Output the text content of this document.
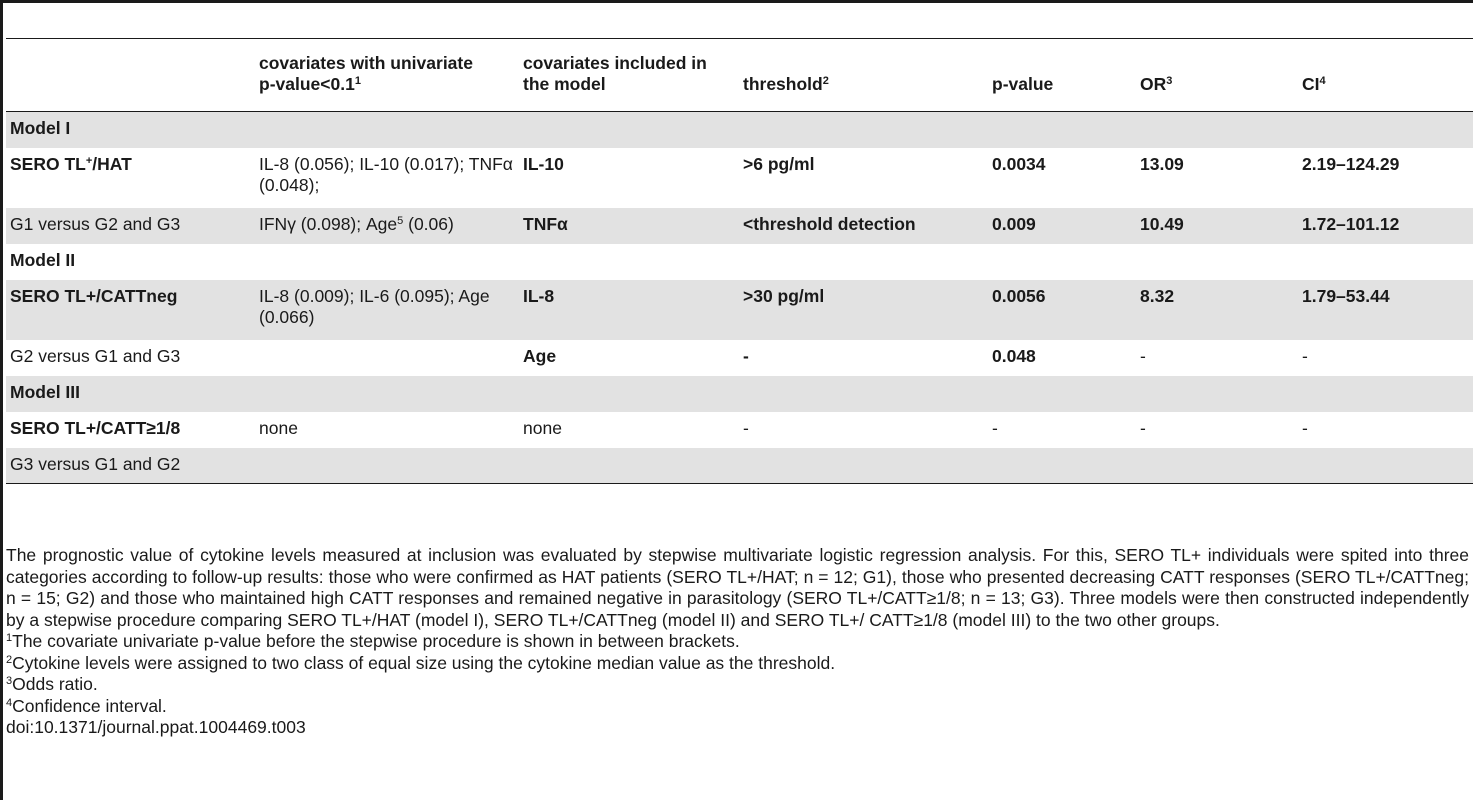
	covariates with univariate $p-value<0.1^1$	covariates included in the model	threshold$^2$	p-value	$OR^3$	$CI^4$
Model I						
SERO TL+/HAT	IL-8 (0.056); IL-10 (0.017); TNFα (0.048);	IL-10	>6 pg/ml	0.0034	13.09	2.19–124.29
G1 versus G2 and G3	IFNγ (0.098); Age$^5$ (0.06)	TNFα	<threshold detection	0.009	10.49	1.72–101.12
Model II						
SERO TL+/CATTneg	IL-8 (0.009); IL-6 (0.095); Age (0.066)	IL-8	>30 pg/ml	0.0056	8.32	1.79–53.44
G2 versus G1 and G3		Age	-	0.048	-	-
Model III						
SERO TL+/CATT≥1/8	none	none	-	-	-	-
G3 versus G1 and G2						

The prognostic value of cytokine levels measured at inclusion was evaluated by stepwise multivariate logistic regression analysis. For this, SERO TL+ individuals were spited into three categories according to follow-up results: those who were confirmed as HAT patients (SERO TL+/HAT; n = 12; G1), those who presented decreasing CATT responses (SERO TL+/CATTneg; n = 15; G2) and those who maintained high CATT responses and remained negative in parasitology (SERO TL+/CATT≥1/8; n = 13; G3). Three models were then constructed independently by a stepwise procedure comparing SERO TL+/HAT (model I), SERO TL+/CATTneg (model II) and SERO TL+/ CATT≥1/8 (model III) to the two other groups.

$^1$The covariate univariate p-value before the stepwise procedure is shown in between brackets.

$^2$Cytokine levels were assigned to two class of equal size using the cytokine median value as the threshold.

$^3$Odds ratio.

$^4$Confidence interval.

doi:10.1371/journal.ppat.1004469.t003
